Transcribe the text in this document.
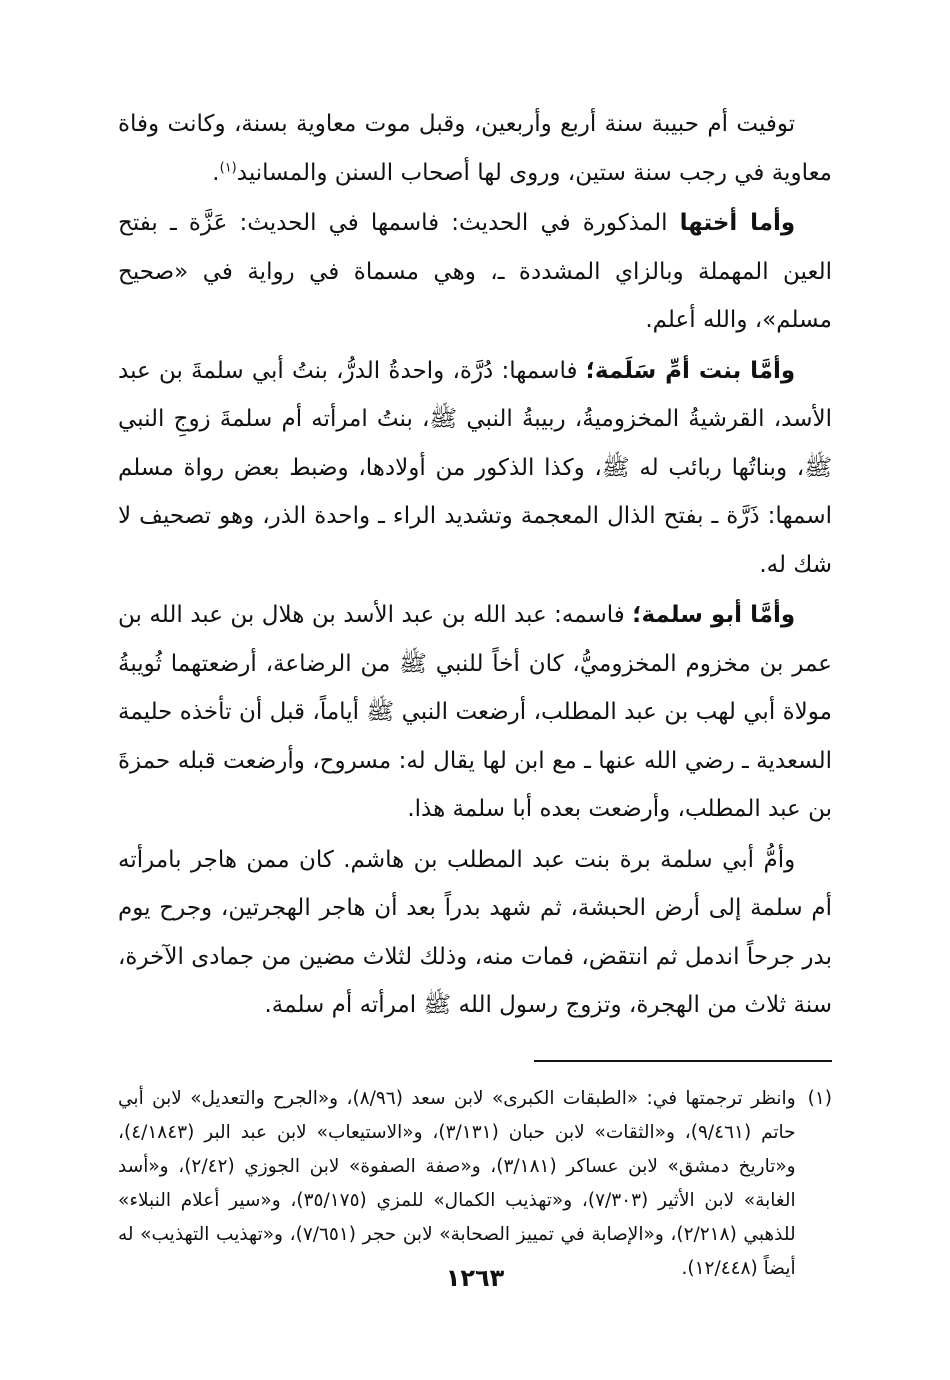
توفيت أم حبيبة سنة أربع وأربعين، وقبل موت معاوية بسنة، وكانت وفاة معاوية في رجب سنة ستين، وروى لها أصحاب السنن والمسانيد$^{(١)}$.

وأما أختها المذكورة في الحديث: فاسمها في الحديث: عَزَّة ـ بفتح العين المهملة وبالزاي المشددة ـ، وهي مسماة في رواية في «صحيح مسلم»، والله أعلم.

وأمَّا بنت أمِّ سَلَمة؛ فاسمها: دُرَّة، واحدةُ الدرُّ، بنتُ أبي سلمةَ بن عبد الأسد، القرشيةُ المخزوميةُ، ربيبةُ النبي ﷺ، بنتُ امرأته أم سلمةَ زوجِ النبي ﷺ، وبناتُها ربائب له ﷺ، وكذا الذكور من أولادها، وضبط بعض رواة مسلم اسمها: ذَرَّة ـ بفتح الذال المعجمة وتشديد الراء ـ واحدة الذر، وهو تصحيف لا شك له.

وأمَّا أبو سلمة؛ فاسمه: عبد الله بن عبد الأسد بن هلال بن عبد الله بن عمر بن مخزوم المخزوميُّ، كان أخاً للنبي ﷺ من الرضاعة، أرضعتهما ثُويبةُ مولاة أبي لهب بن عبد المطلب، أرضعت النبي ﷺ أياماً، قبل أن تأخذه حليمة السعدية ـ رضي الله عنها ـ مع ابن لها يقال له: مسروح، وأرضعت قبله حمزةَ بن عبد المطلب، وأرضعت بعده أبا سلمة هذا.

وأمُّ أبي سلمة برة بنت عبد المطلب بن هاشم. كان ممن هاجر بامرأته أم سلمة إلى أرض الحبشة، ثم شهد بدراً بعد أن هاجر الهجرتين، وجرح يوم بدر جرحاً اندمل ثم انتقض، فمات منه، وذلك لثلاث مضين من جمادى الآخرة، سنة ثلاث من الهجرة، وتزوج رسول الله ﷺ امرأته أم سلمة.

(١)
وانظر ترجمتها في: «الطبقات الكبرى» لابن سعد (٨/٩٦)، و«الجرح والتعديل» لابن أبي حاتم (٩/٤٦١)، و«الثقات» لابن حبان (٣/١٣١)، و«الاستيعاب» لابن عبد البر (٤/١٨٤٣)، و«تاريخ دمشق» لابن عساكر (٣/١٨١)، و«صفة الصفوة» لابن الجوزي (٢/٤٢)، و«أسد الغابة» لابن الأثير (٧/٣٠٣)، و«تهذيب الكمال» للمزي (٣٥/١٧٥)، و«سير أعلام النبلاء» للذهبي (٢/٢١٨)، و«الإصابة في تمييز الصحابة» لابن حجر (٧/٦٥١)، و«تهذيب التهذيب» له أيضاً (١٢/٤٤٨).
١٢٦٣
